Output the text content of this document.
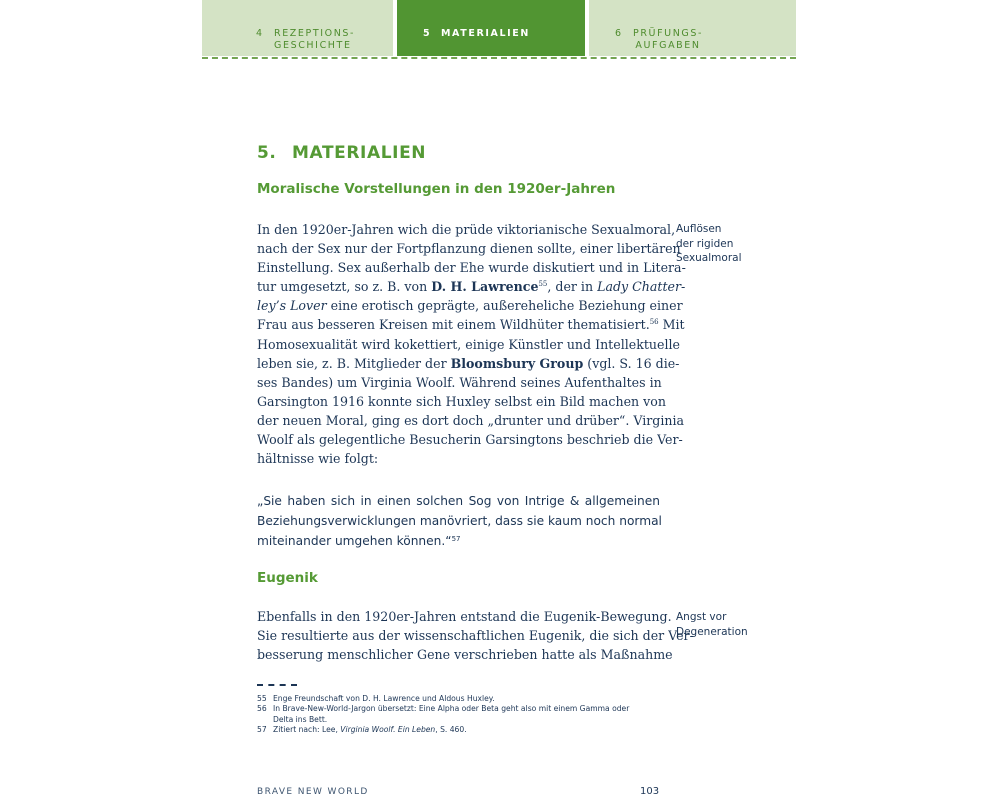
4 REZEPTIONS-
GESCHICHTE
5 MATERIALIEN	6 PRÜFUNGS-
AUFGABEN
5. MATERIALIEN
Moralische Vorstellungen in den 1920er-Jahren
In den 1920er-Jahren wich die prüde viktorianische Sexualmoral,
nach der Sex nur der Fortpflanzung dienen sollte, einer libertären
Einstellung. Sex außerhalb der Ehe wurde diskutiert und in Litera-
tur umgesetzt, so z. B. von D. H. Lawrence$^{55}$, der in Lady Chatter-
ley’s Lover eine erotisch geprägte, außereheliche Beziehung einer
Frau aus besseren Kreisen mit einem Wildhüter thematisiert.$^{56}$ Mit
Homosexualität wird kokettiert, einige Künstler und Intellektuelle
leben sie, z. B. Mitglieder der Bloomsbury Group (vgl. S. 16 die-
ses Bandes) um Virginia Woolf. Während seines Aufenthaltes in
Garsington 1916 konnte sich Huxley selbst ein Bild machen von
der neuen Moral, ging es dort doch „drunter und drüber“. Virginia
Woolf als gelegentliche Besucherin Garsingtons beschrieb die Ver-
hältnisse wie folgt:
Auflösen
der rigiden
Sexualmoral
„Sie haben sich in einen solchen Sog von Intrige & allgemeinen
Beziehungsverwicklungen manövriert, dass sie kaum noch normal
miteinander umgehen können.“$^{57}$
Eugenik
Ebenfalls in den 1920er-Jahren entstand die Eugenik-Bewegung.
Sie resultierte aus der wissenschaftlichen Eugenik, die sich der Ver-
besserung menschlicher Gene verschrieben hatte als Maßnahme
Angst vor
Degeneration
55 Enge Freundschaft von D. H. Lawrence und Aldous Huxley.
56 In Brave-New-World-Jargon übersetzt: Eine Alpha oder Beta geht also mit einem Gamma oder
Delta ins Bett.
57 Zitiert nach: Lee, Virginia Woolf. Ein Leben, S. 460.
BRAVE NEW WORLD	103
